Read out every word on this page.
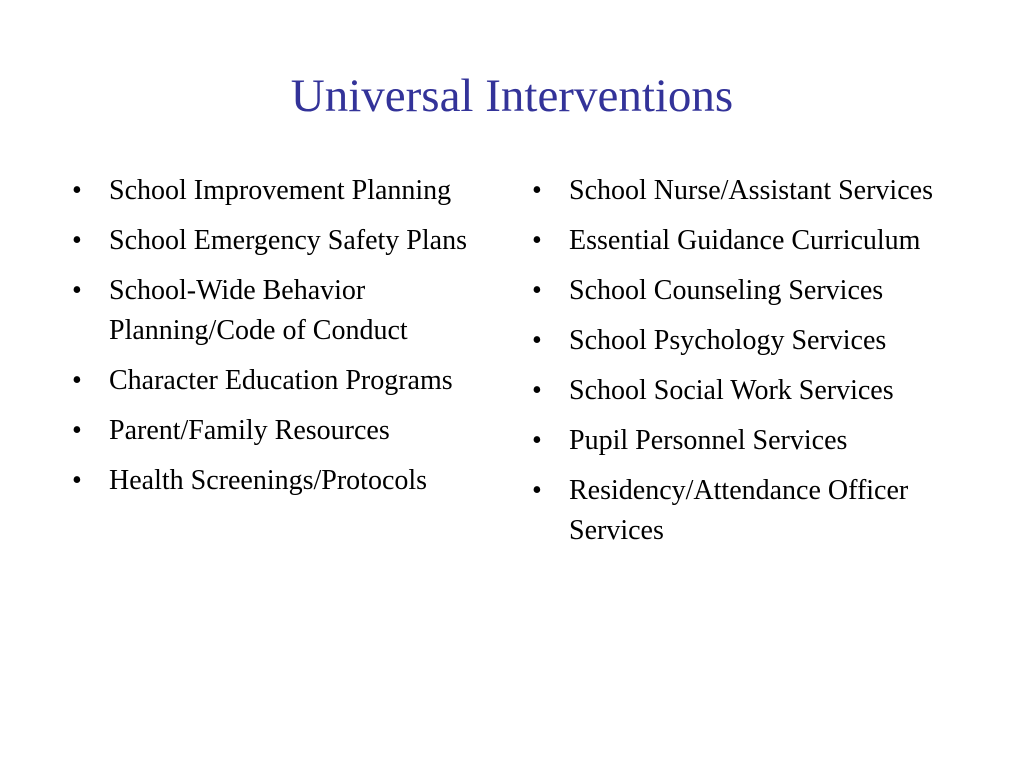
Universal Interventions
• School Improvement Planning
• School Emergency Safety Plans
• School-Wide Behavior Planning/Code of Conduct
• Character Education Programs
• Parent/Family Resources
• Health Screenings/Protocols
• School Nurse/Assistant Services
• Essential Guidance Curriculum
• School Counseling Services
• School Psychology Services
• School Social Work Services
• Pupil Personnel Services
• Residency/Attendance Officer Services
